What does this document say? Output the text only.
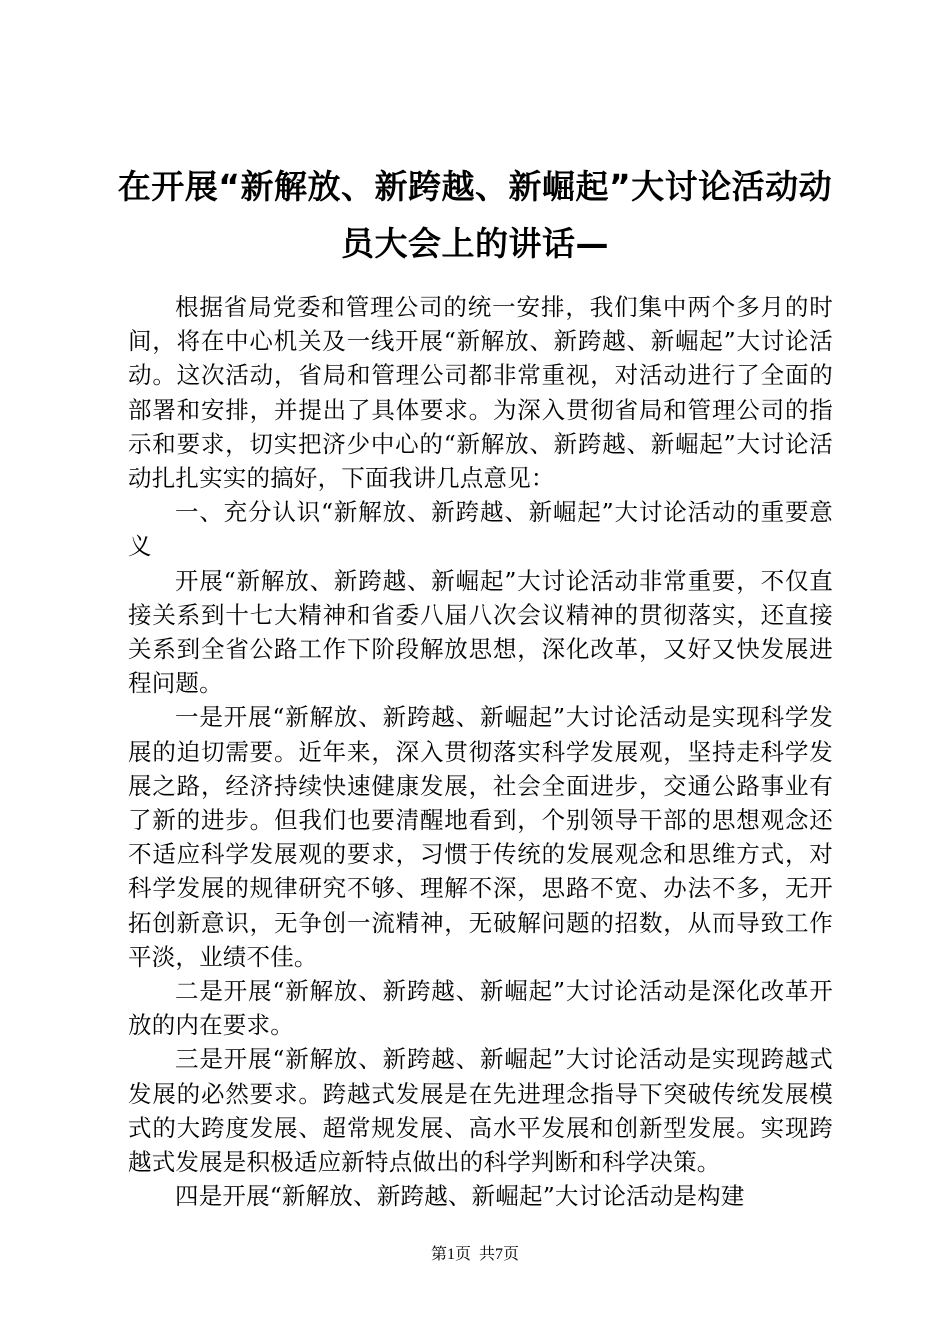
在开展“新解放、新跨越、新崛起”大讨论活动动员大会上的讲话—

根据省局党委和管理公司的统一安排，我们集中两个多月的时间，将在中心机关及一线开展“新解放、新跨越、新崛起”大讨论活动。这次活动，省局和管理公司都非常重视，对活动进行了全面的部署和安排，并提出了具体要求。为深入贯彻省局和管理公司的指示和要求，切实把济少中心的“新解放、新跨越、新崛起”大讨论活动扎扎实实的搞好，下面我讲几点意见：

一、充分认识“新解放、新跨越、新崛起”大讨论活动的重要意义

开展“新解放、新跨越、新崛起”大讨论活动非常重要，不仅直接关系到十七大精神和省委八届八次会议精神的贯彻落实，还直接关系到全省公路工作下阶段解放思想，深化改革，又好又快发展进程问题。

一是开展“新解放、新跨越、新崛起”大讨论活动是实现科学发展的迫切需要。近年来，深入贯彻落实科学发展观，坚持走科学发展之路，经济持续快速健康发展，社会全面进步，交通公路事业有了新的进步。但我们也要清醒地看到，个别领导干部的思想观念还不适应科学发展观的要求，习惯于传统的发展观念和思维方式，对科学发展的规律研究不够、理解不深，思路不宽、办法不多，无开拓创新意识，无争创一流精神，无破解问题的招数，从而导致工作平淡，业绩不佳。

二是开展“新解放、新跨越、新崛起”大讨论活动是深化改革开放的内在要求。

三是开展“新解放、新跨越、新崛起”大讨论活动是实现跨越式发展的必然要求。跨越式发展是在先进理念指导下突破传统发展模式的大跨度发展、超常规发展、高水平发展和创新型发展。实现跨越式发展是积极适应新特点做出的科学判断和科学决策。

四是开展“新解放、新跨越、新崛起”大讨论活动是构建

第1页  共7页
